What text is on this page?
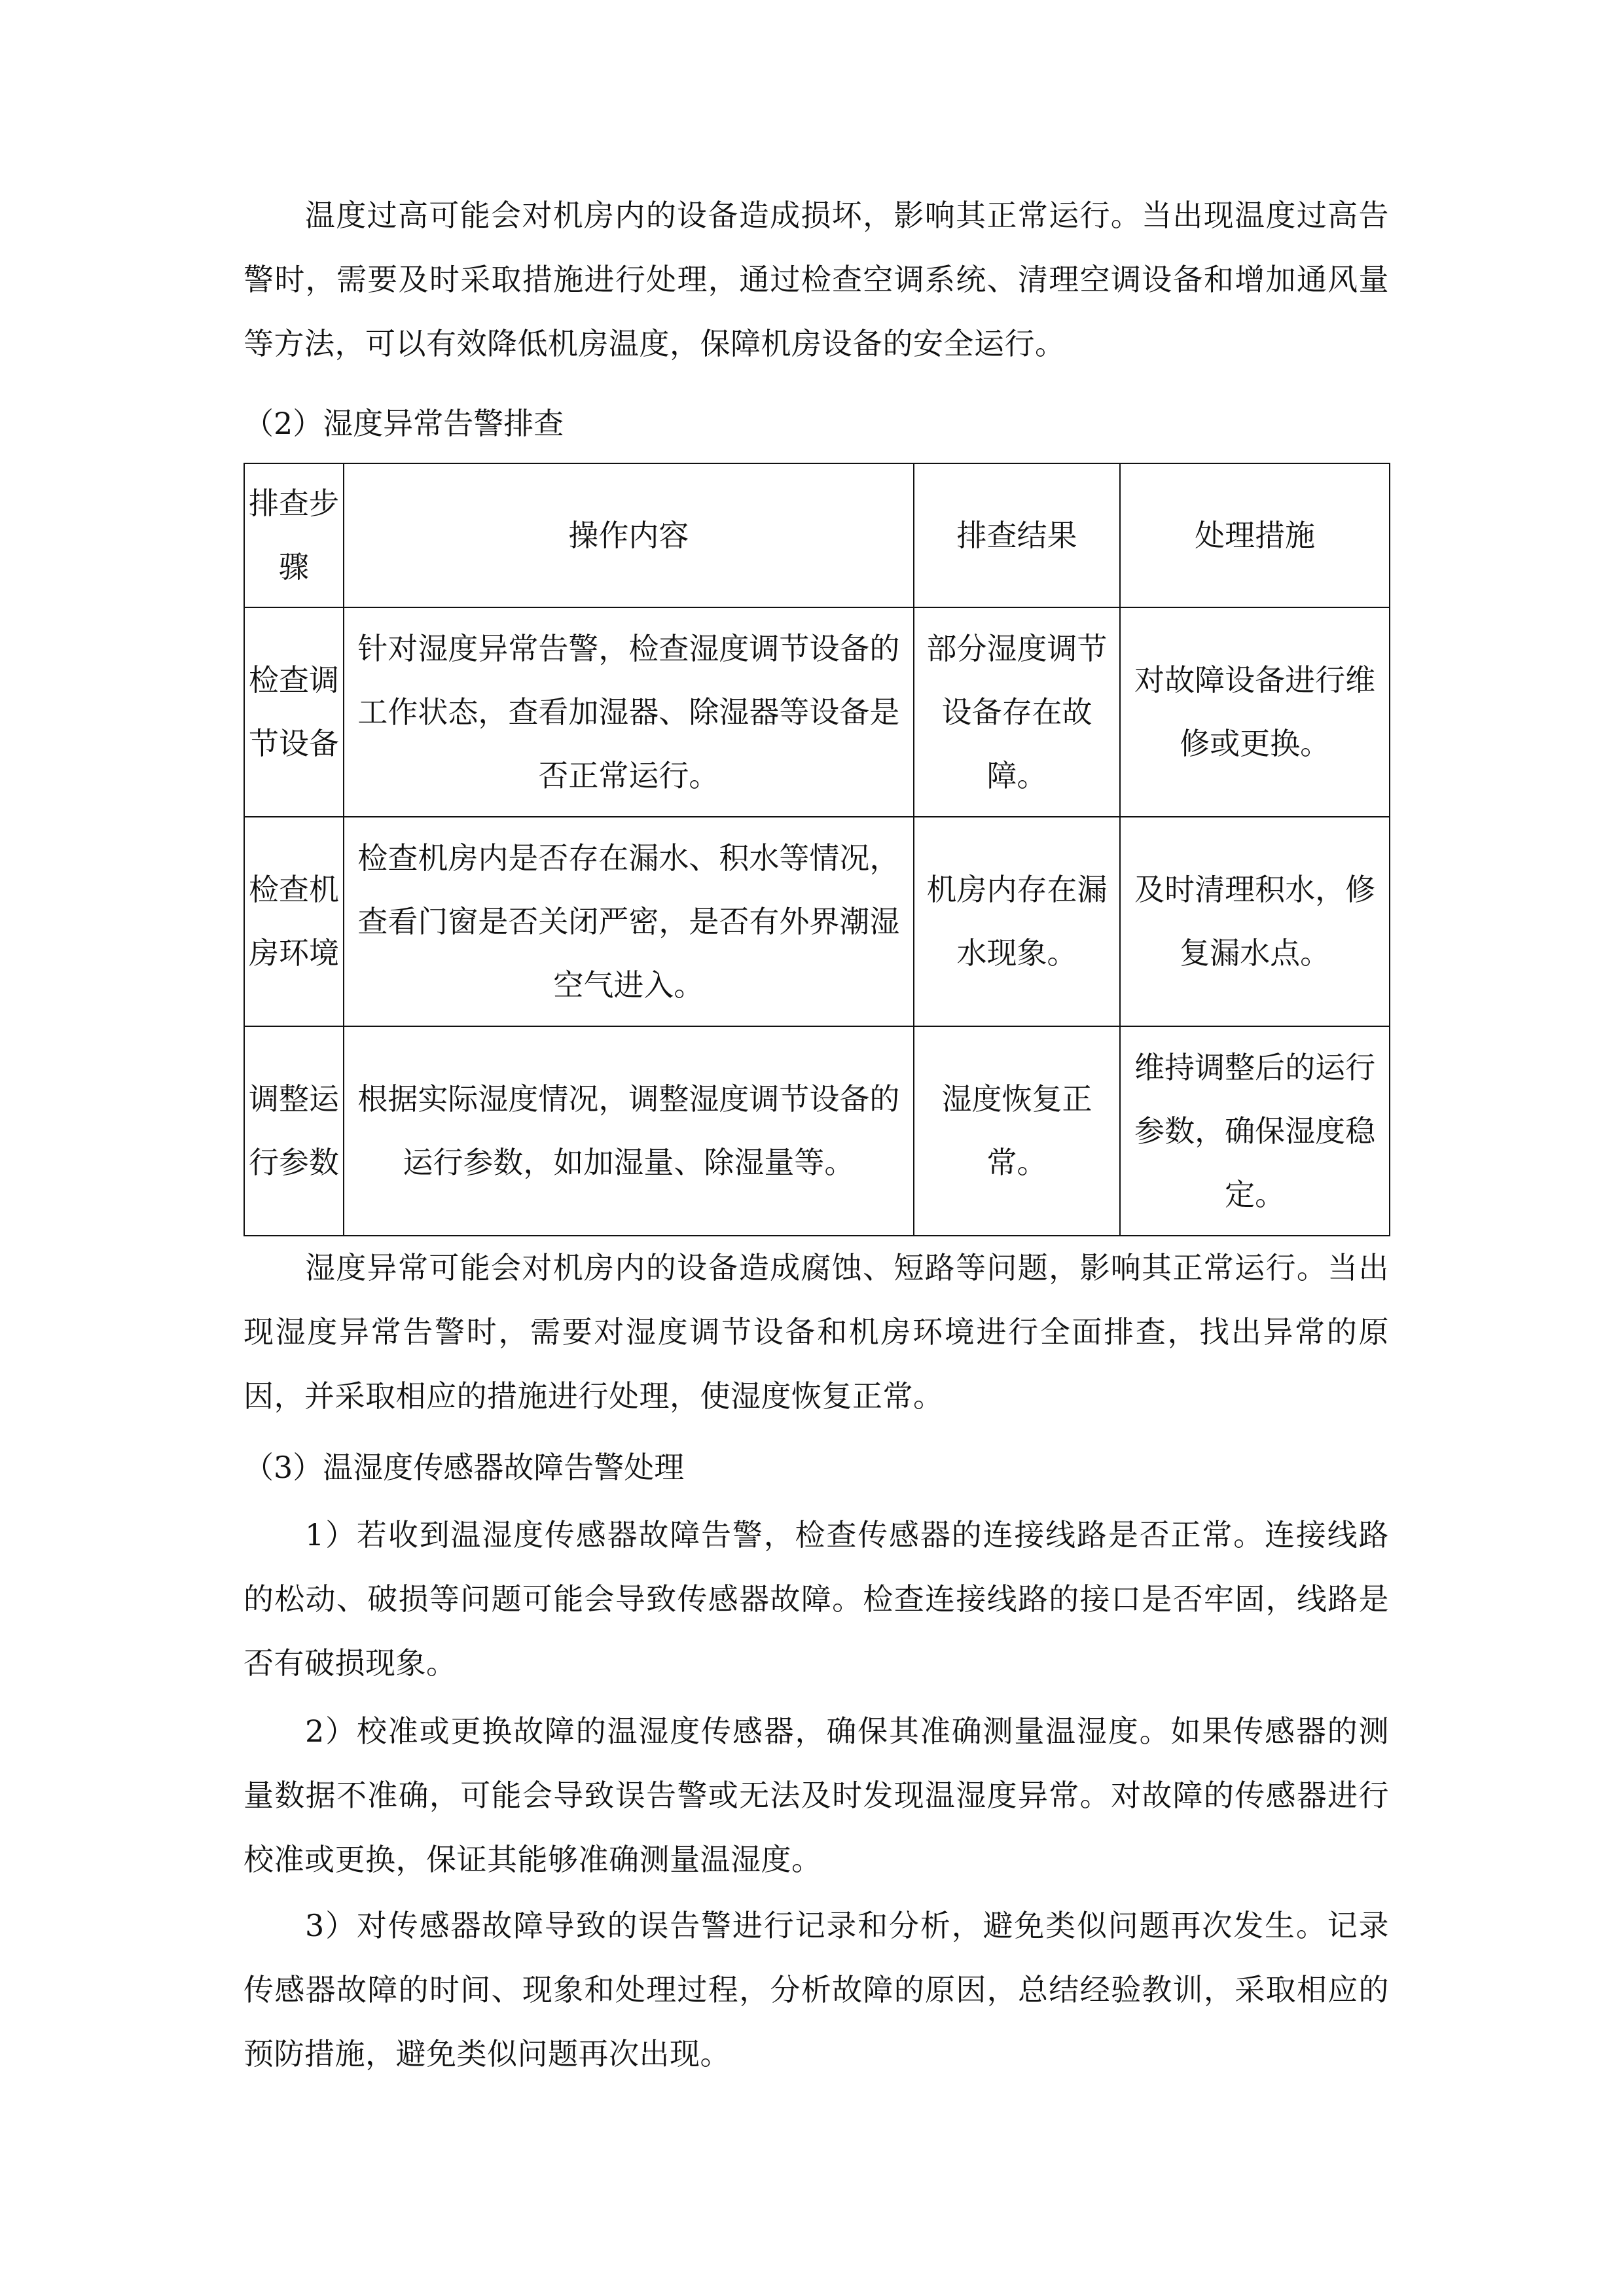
温度过高可能会对机房内的设备造成损坏，影响其正常运行。当出现温度过高告警时，需要及时采取措施进行处理，通过检查空调系统、清理空调设备和增加通风量等方法，可以有效降低机房温度，保障机房设备的安全运行。

（2）湿度异常告警排查

排查步骤	操作内容	排查结果	处理措施
检查调节设备	针对湿度异常告警，检查湿度调节设备的工作状态，查看加湿器、除湿器等设备是否正常运行。	部分湿度调节设备存在故障。	对故障设备进行维修或更换。
检查机房环境	检查机房内是否存在漏水、积水等情况，查看门窗是否关闭严密，是否有外界潮湿空气进入。	机房内存在漏水现象。	及时清理积水，修复漏水点。
调整运行参数	根据实际湿度情况，调整湿度调节设备的运行参数，如加湿量、除湿量等。	湿度恢复正常。	维持调整后的运行参数，确保湿度稳定。

湿度异常可能会对机房内的设备造成腐蚀、短路等问题，影响其正常运行。当出现湿度异常告警时，需要对湿度调节设备和机房环境进行全面排查，找出异常的原因，并采取相应的措施进行处理，使湿度恢复正常。

（3）温湿度传感器故障告警处理

1）若收到温湿度传感器故障告警，检查传感器的连接线路是否正常。连接线路的松动、破损等问题可能会导致传感器故障。检查连接线路的接口是否牢固，线路是否有破损现象。

2）校准或更换故障的温湿度传感器，确保其准确测量温湿度。如果传感器的测量数据不准确，可能会导致误告警或无法及时发现温湿度异常。对故障的传感器进行校准或更换，保证其能够准确测量温湿度。

3）对传感器故障导致的误告警进行记录和分析，避免类似问题再次发生。记录传感器故障的时间、现象和处理过程，分析故障的原因，总结经验教训，采取相应的预防措施，避免类似问题再次出现。
